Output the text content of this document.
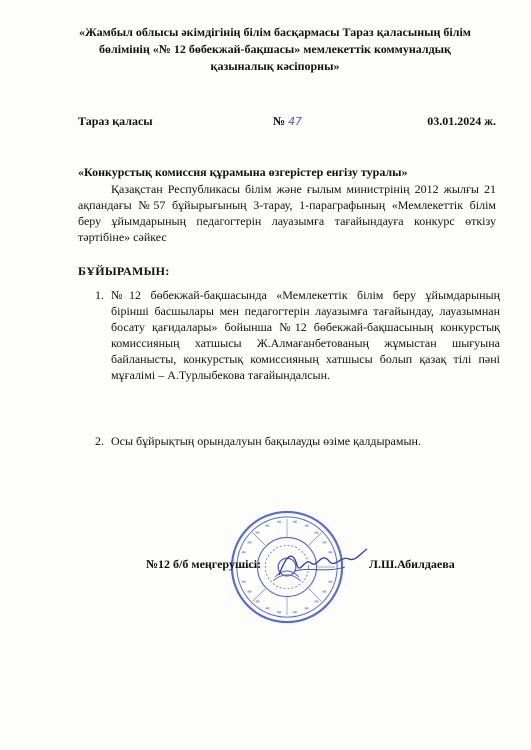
«Жамбыл облысы әкімдігінің білім басқармасы Тараз қаласының білім
бөлімінің «№ 12 бөбекжай-бақшасы» мемлекеттік коммуналдық
қазыналық кәсіпорны»
Тараз қаласы	№ 47	03.01.2024 ж.
«Конкурстық комиссия құрамына өзгерістер енгізу туралы»
Қазақстан Республикасы білім және ғылым министрінің 2012 жылғы 21 ақпандағы №57 бұйырығының 3-тарау, 1-параграфының «Мемлекеттік білім беру ұйымдарының педагогтерін лауазымға тағайындауға конкурс өткізу тәртібіне» сәйкес
БҰЙЫРАМЫН:
1. №12 бөбекжай-бақшасында «Мемлекеттік білім беру ұйымдарының бірінші басшылары мен педагогтерін лауазымға тағайындау, лауазымнан босату қағидалары» бойынша №12 бөбекжай-бақшасының конкурстық комиссияның хатшысы Ж.Алмағанбетованың жұмыстан шығуына байланысты, конкурстық комиссияның хатшысы болып қазақ тілі пәні мұғалімі – А.Турлыбекова тағайындалсын.
2. Осы бұйрықтың орындалуын бақылауды өзіме қалдырамын.
№12 б/б меңгерушісі:	Л.Ш.Абилдаева
